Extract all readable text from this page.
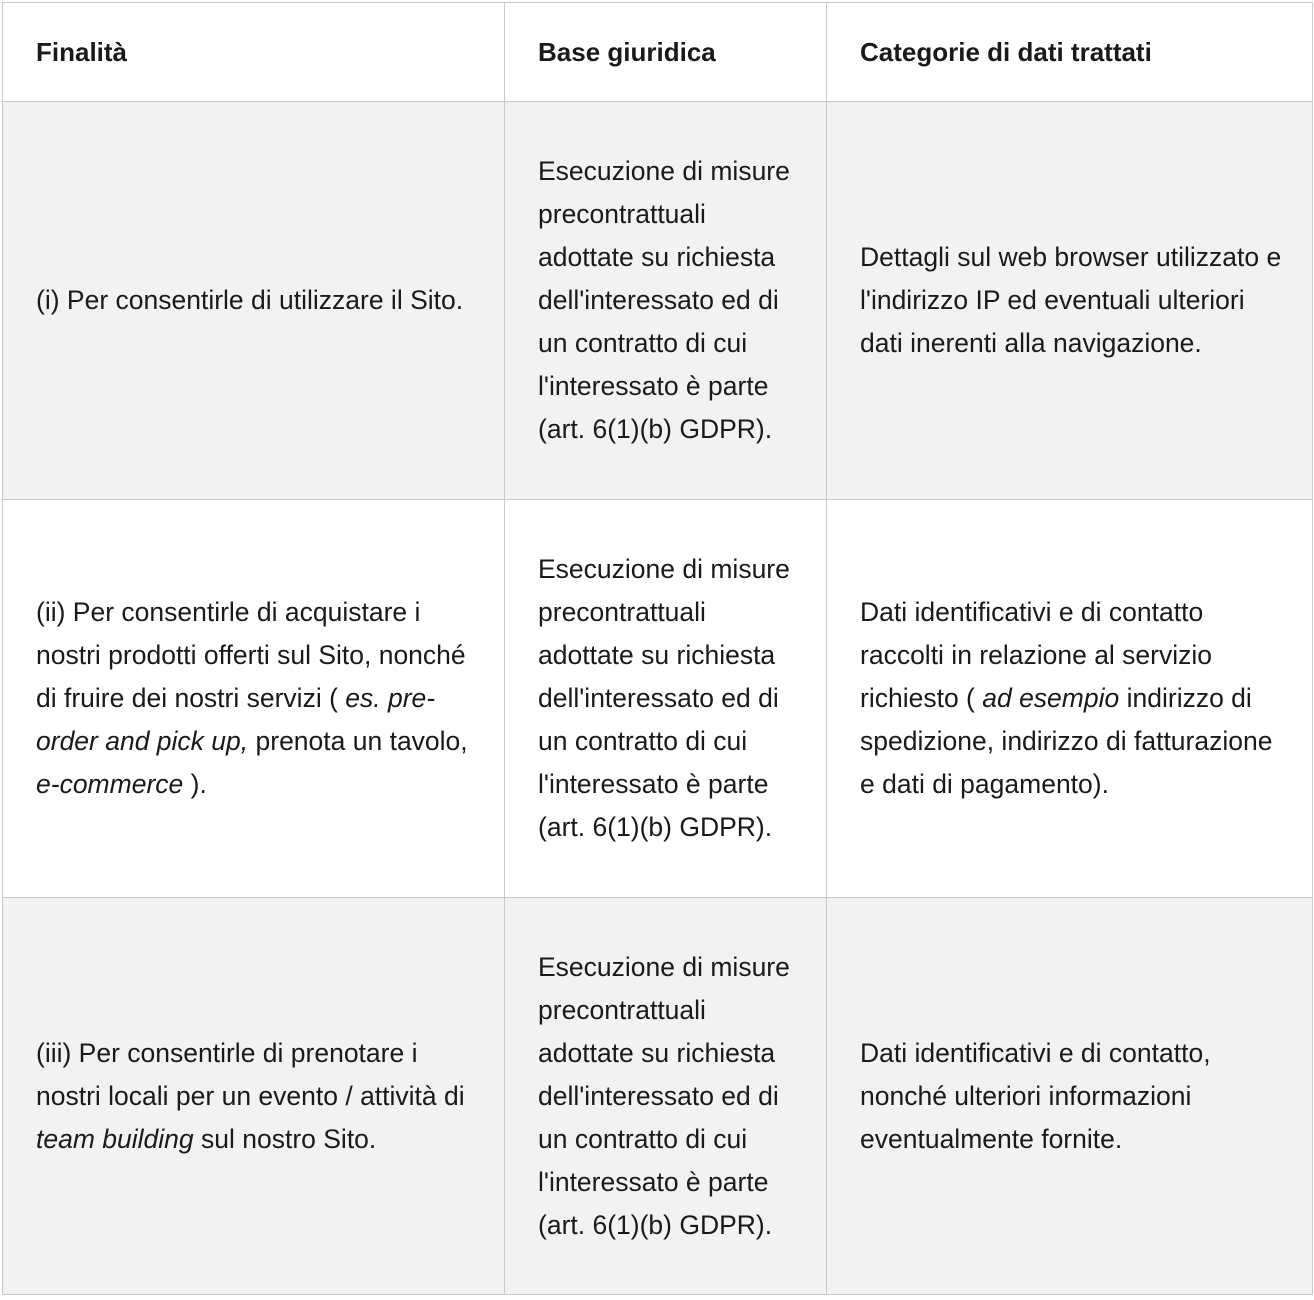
Finalità	Base giuridica	Categorie di dati trattati
(i) Per consentirle di utilizzare il Sito.	Esecuzione di misure precontrattuali adottate su richiesta dell'interessato ed di un contratto di cui l'interessato è parte (art. 6(1)(b) GDPR).	Dettagli sul web browser utilizzato e l'indirizzo IP ed eventuali ulteriori dati inerenti alla navigazione.
(ii) Per consentirle di acquistare i nostri prodotti offerti sul Sito, nonché di fruire dei nostri servizi ( es. pre-order and pick up, prenota un tavolo, e-commerce ).	Esecuzione di misure precontrattuali adottate su richiesta dell'interessato ed di un contratto di cui l'interessato è parte (art. 6(1)(b) GDPR).	Dati identificativi e di contatto raccolti in relazione al servizio richiesto ( ad esempio indirizzo di spedizione, indirizzo di fatturazione e dati di pagamento).
(iii) Per consentirle di prenotare i nostri locali per un evento / attività di team building sul nostro Sito.	Esecuzione di misure precontrattuali adottate su richiesta dell'interessato ed di un contratto di cui l'interessato è parte (art. 6(1)(b) GDPR).	Dati identificativi e di contatto, nonché ulteriori informazioni eventualmente fornite.
